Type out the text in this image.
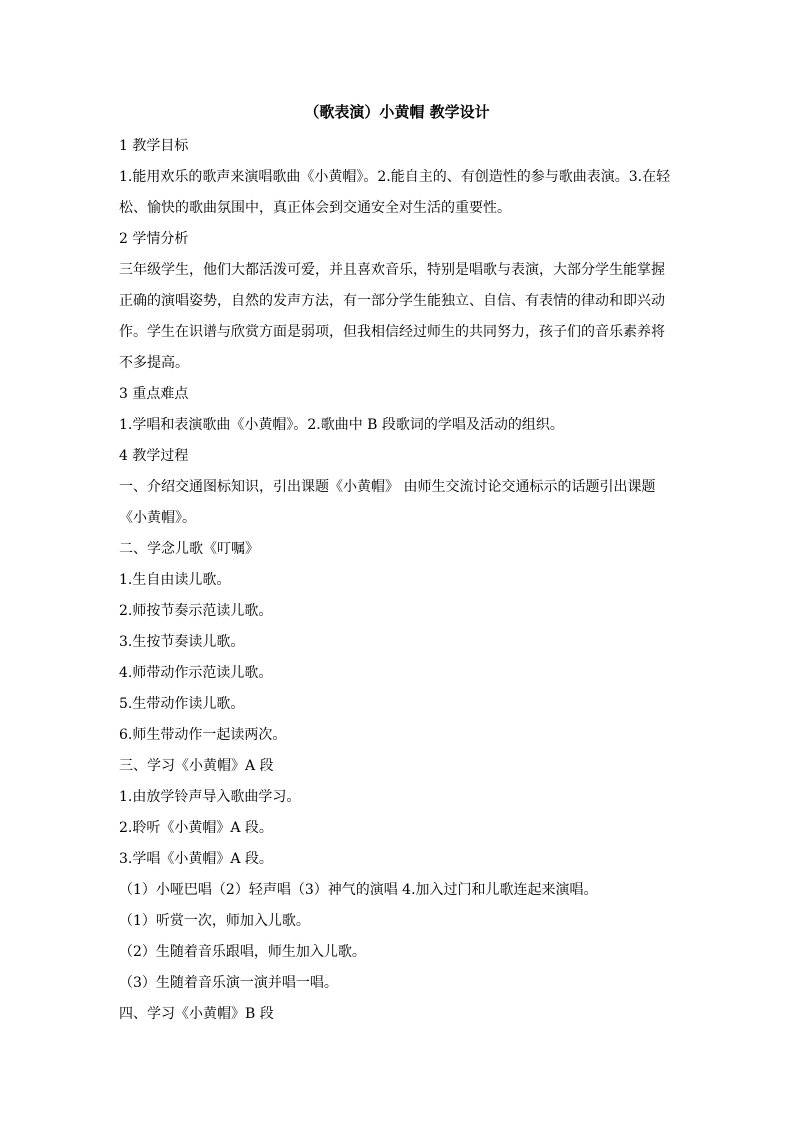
（歌表演）小黄帽 教学设计

1 教学目标

1.能用欢乐的歌声来演唱歌曲《小黄帽》。2.能自主的、有创造性的参与歌曲表演。3.在轻松、愉快的歌曲氛围中，真正体会到交通安全对生活的重要性。

2 学情分析

三年级学生，他们大都活泼可爱，并且喜欢音乐，特别是唱歌与表演，大部分学生能掌握正确的演唱姿势，自然的发声方法，有一部分学生能独立、自信、有表情的律动和即兴动作。学生在识谱与欣赏方面是弱项，但我相信经过师生的共同努力，孩子们的音乐素养将不多提高。

3 重点难点

1.学唱和表演歌曲《小黄帽》。2.歌曲中 B 段歌词的学唱及活动的组织。

4 教学过程

一、介绍交通图标知识，引出课题《小黄帽》 由师生交流讨论交通标示的话题引出课题《小黄帽》。

二、学念儿歌《叮嘱》

1.生自由读儿歌。

2.师按节奏示范读儿歌。

3.生按节奏读儿歌。

4.师带动作示范读儿歌。

5.生带动作读儿歌。

6.师生带动作一起读两次。

三、学习《小黄帽》A 段

1.由放学铃声导入歌曲学习。

2.聆听《小黄帽》A 段。

3.学唱《小黄帽》A 段。

（1）小哑巴唱（2）轻声唱（3）神气的演唱 4.加入过门和儿歌连起来演唱。

（1）听赏一次，师加入儿歌。

（2）生随着音乐跟唱，师生加入儿歌。

（3）生随着音乐演一演并唱一唱。

四、学习《小黄帽》B 段
